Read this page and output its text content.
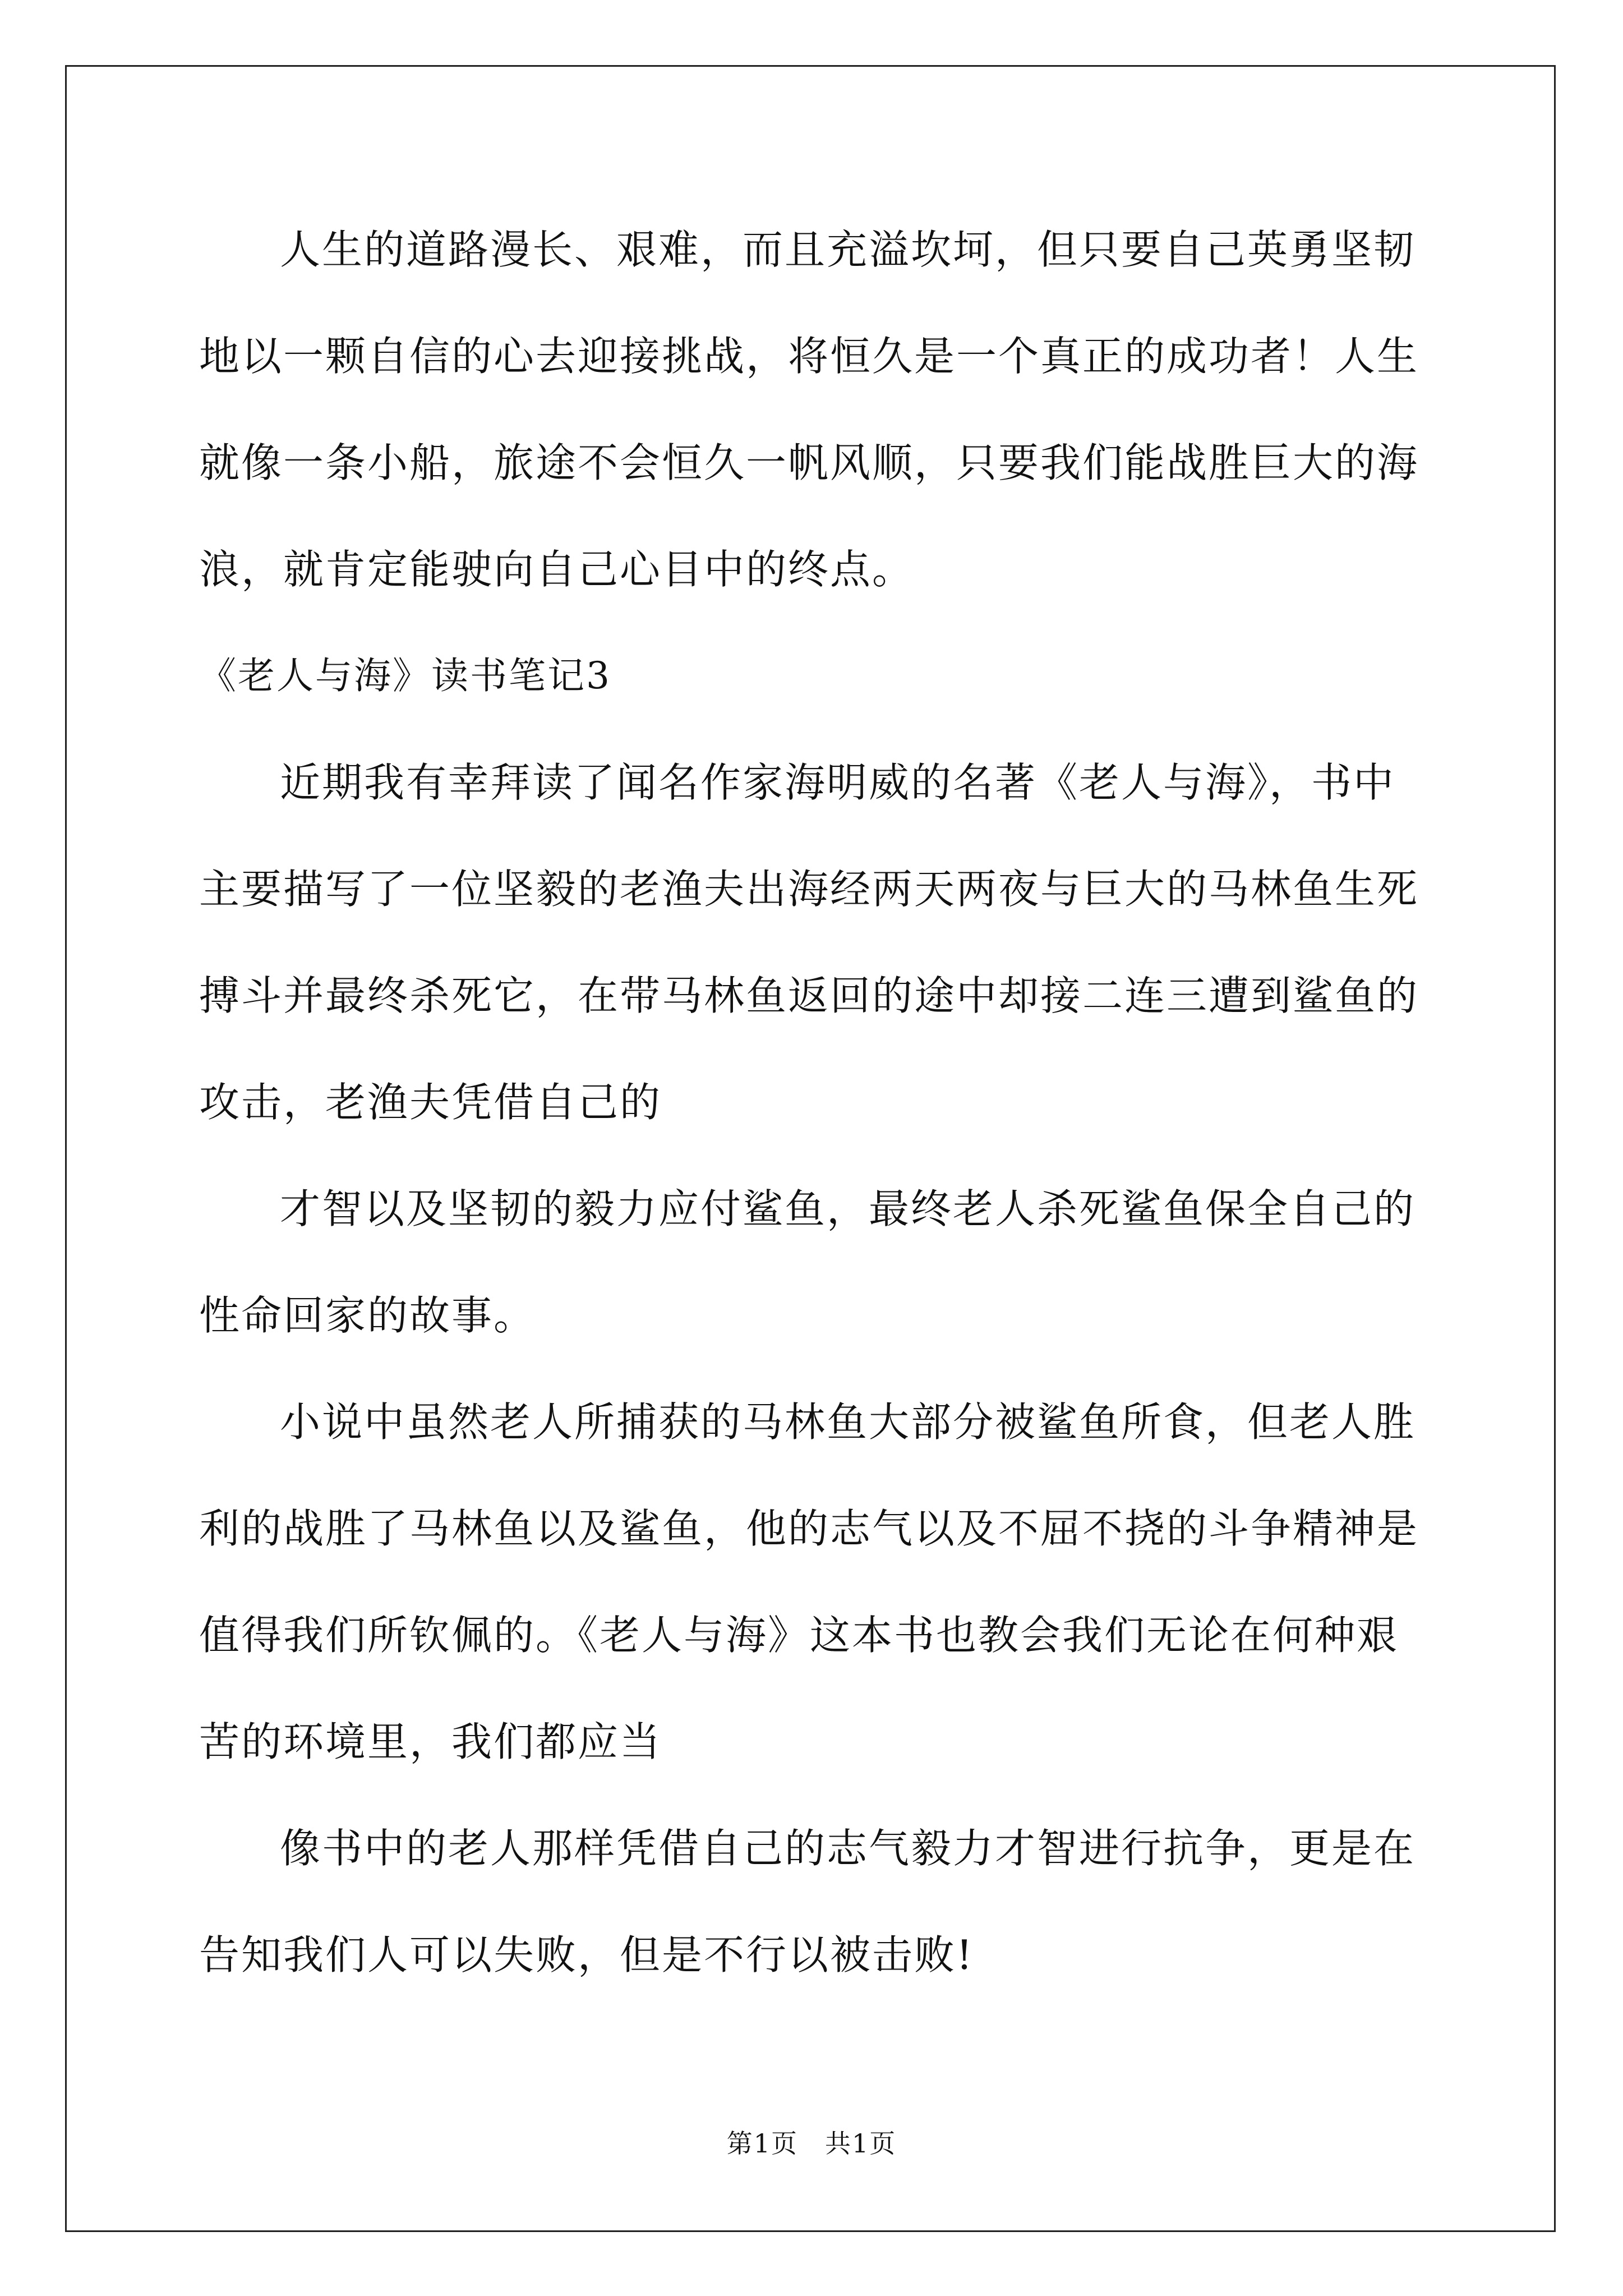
人生的道路漫长、艰难，而且充溢坎坷，但只要自己英勇坚韧地以一颗自信的心去迎接挑战，将恒久是一个真正的成功者！人生就像一条小船，旅途不会恒久一帆风顺，只要我们能战胜巨大的海浪，就肯定能驶向自己心目中的终点。

《老人与海》读书笔记3

近期我有幸拜读了闻名作家海明威的名著《老人与海》，书中主要描写了一位坚毅的老渔夫出海经两天两夜与巨大的马林鱼生死搏斗并最终杀死它，在带马林鱼返回的途中却接二连三遭到鲨鱼的攻击，老渔夫凭借自己的

才智以及坚韧的毅力应付鲨鱼，最终老人杀死鲨鱼保全自己的性命回家的故事。

小说中虽然老人所捕获的马林鱼大部分被鲨鱼所食，但老人胜利的战胜了马林鱼以及鲨鱼，他的志气以及不屈不挠的斗争精神是值得我们所钦佩的。《老人与海》这本书也教会我们无论在何种艰苦的环境里，我们都应当

像书中的老人那样凭借自己的志气毅力才智进行抗争，更是在告知我们人可以失败，但是不行以被击败!

第1页 共1页
